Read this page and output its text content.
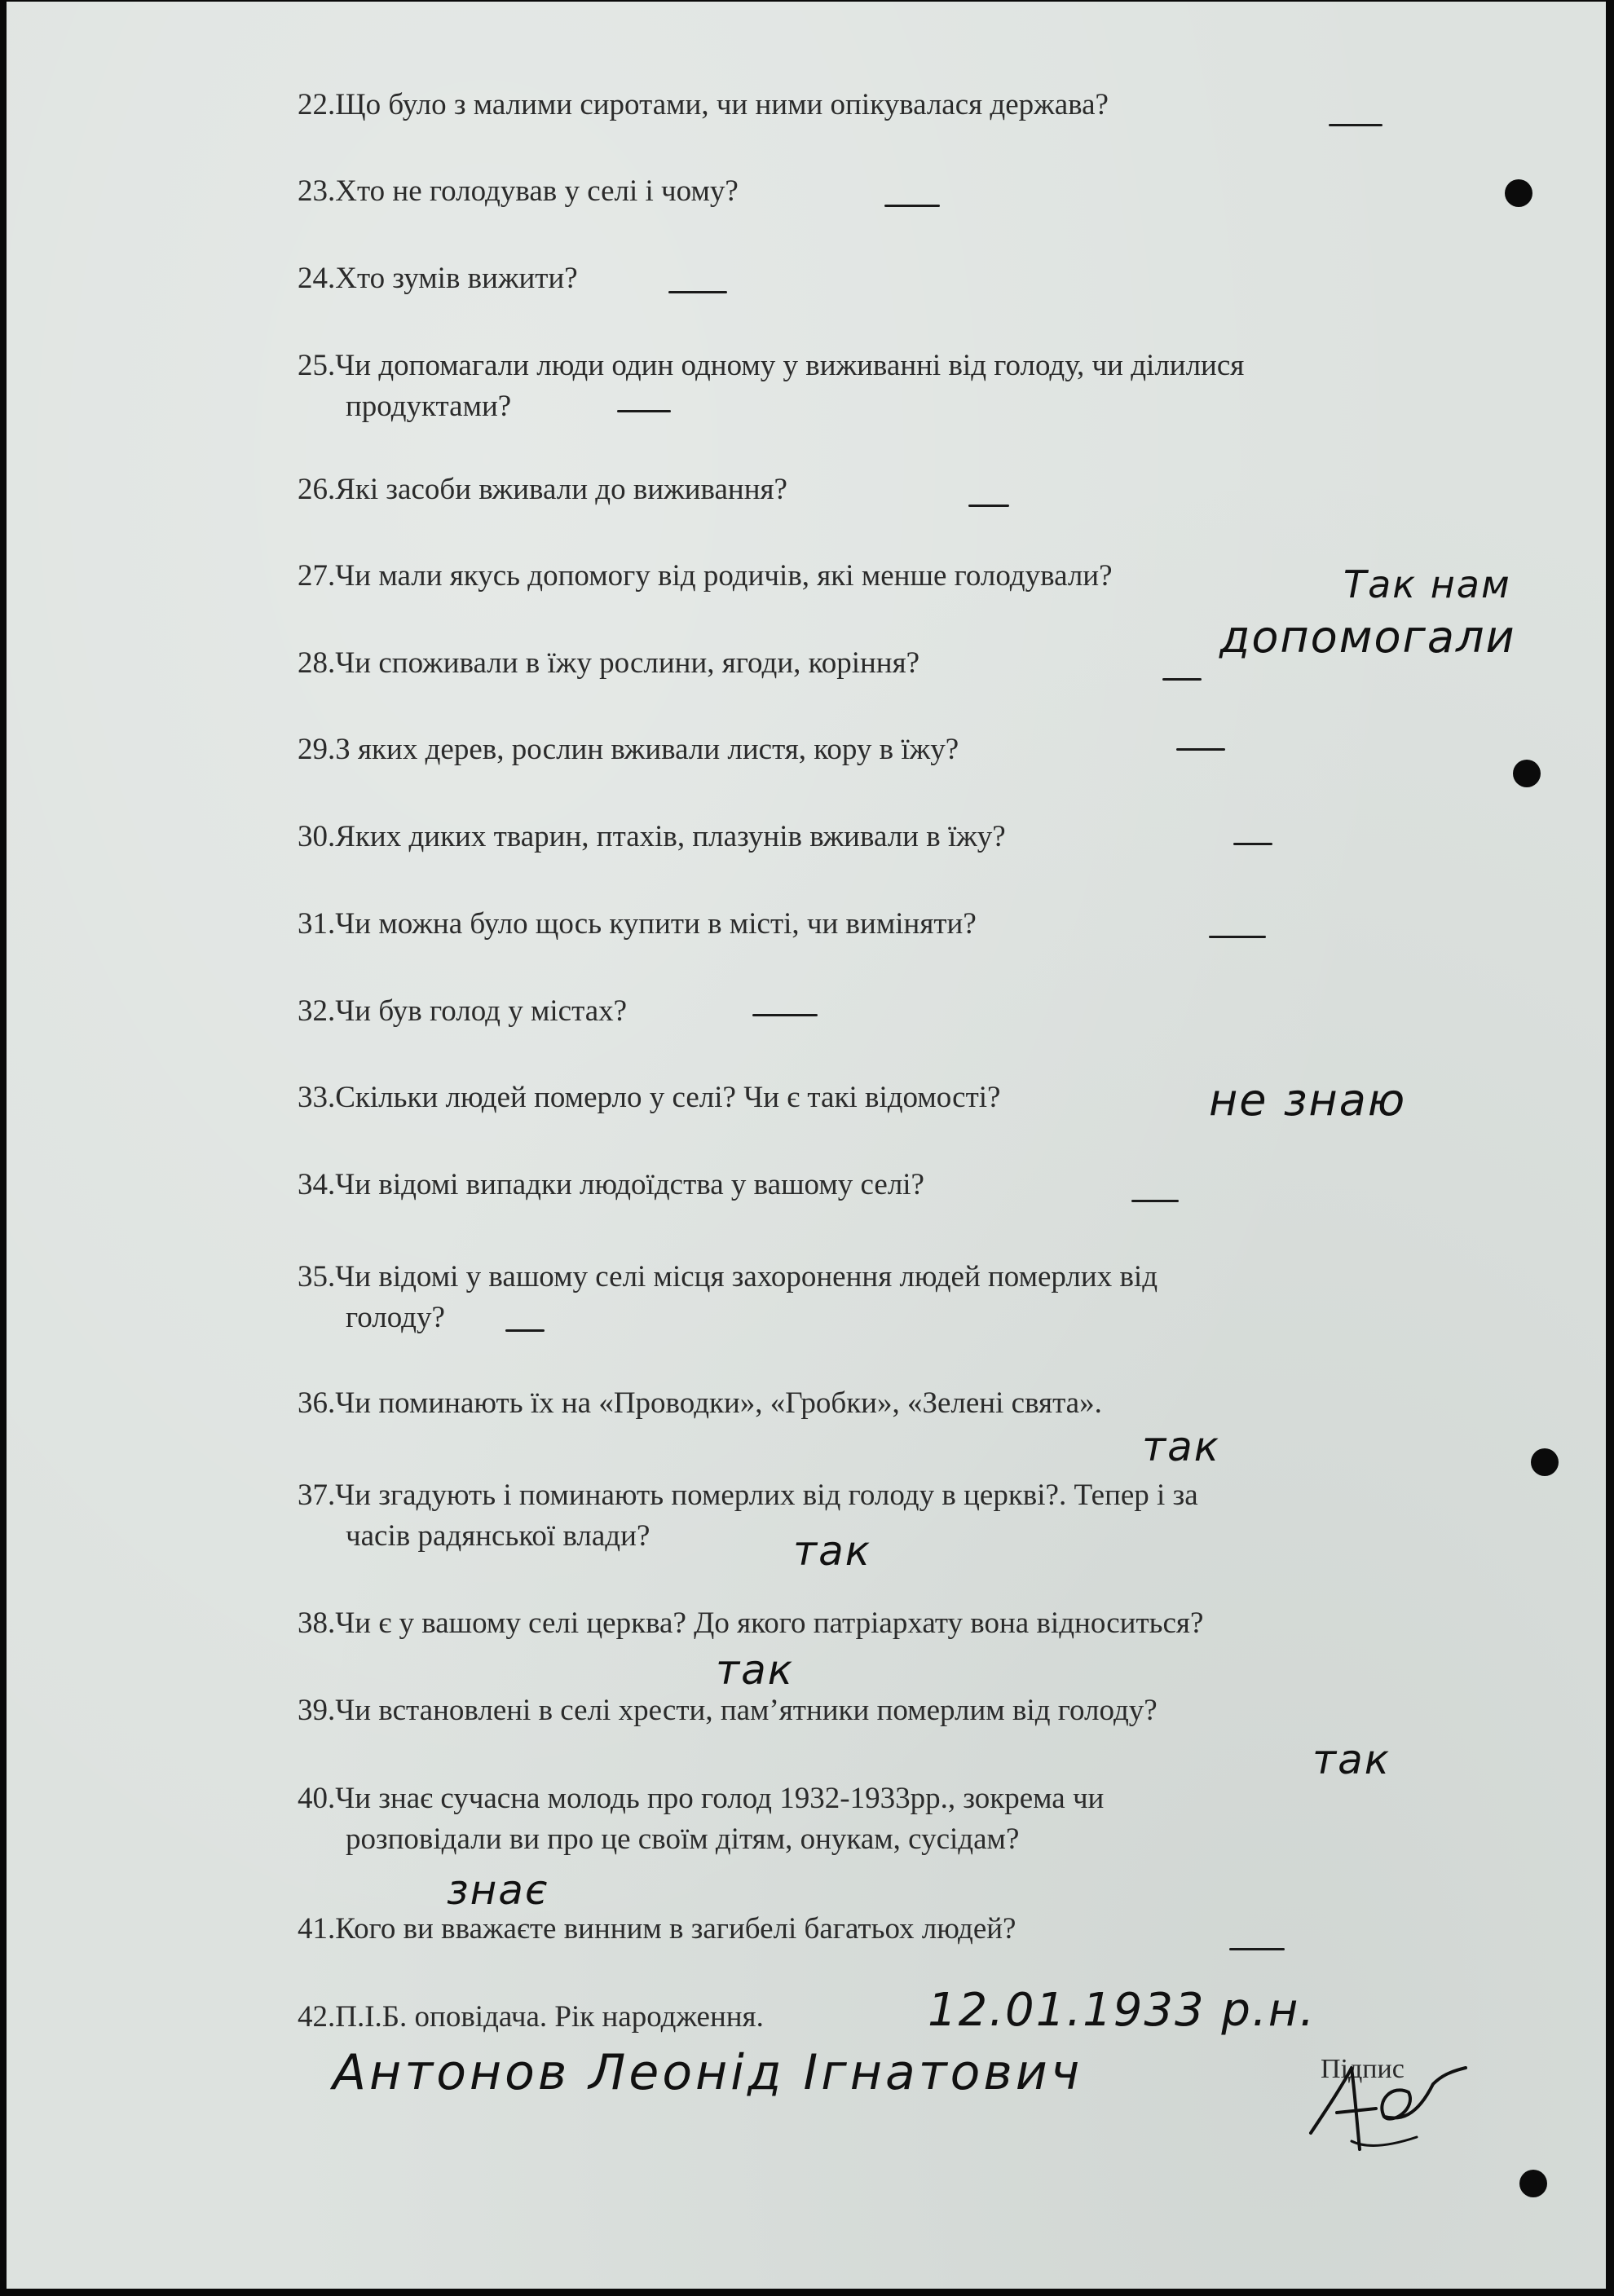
22.Що було з малими сиротами, чи ними опікувалася держава?
23.Хто не голодував у селі і чому?
24.Хто зумів вижити?
25.Чи допомагали люди один одному у виживанні від голоду, чи ділилися
продуктами?
26.Які засоби вживали до виживання?
27.Чи мали якусь допомогу від родичів, які менше голодували?
28.Чи споживали в їжу рослини, ягоди, коріння?
29.З яких дерев, рослин вживали листя, кору в їжу?
30.Яких диких тварин, птахів, плазунів вживали в їжу?
31.Чи можна було щось купити в місті, чи виміняти?
32.Чи був голод у містах?
33.Скільки людей померло у селі? Чи є такі відомості?
34.Чи відомі випадки людоїдства у вашому селі?
35.Чи відомі у вашому селі місця захоронення людей померлих від
голоду?
36.Чи поминають їх на «Проводки», «Гробки», «Зелені свята».
37.Чи згадують і поминають померлих від голоду в церкві?. Тепер і за
часів радянської влади?
38.Чи є у вашому селі церква? До якого патріархату вона відноситься?
39.Чи встановлені в селі хрести, пам’ятники померлим від голоду?
40.Чи знає сучасна молодь про голод 1932-1933рр., зокрема чи
розповідали ви про це своїм дітям, онукам, сусідам?
41.Кого ви вважаєте винним в загибелі багатьох людей?
42.П.І.Б. оповідача. Рік народження.
Підпис
Так нам
допомогали
не знаю
так
так
так
так
знає
12.01.1933 р.н.
Антонов Леонід Ігнатович
